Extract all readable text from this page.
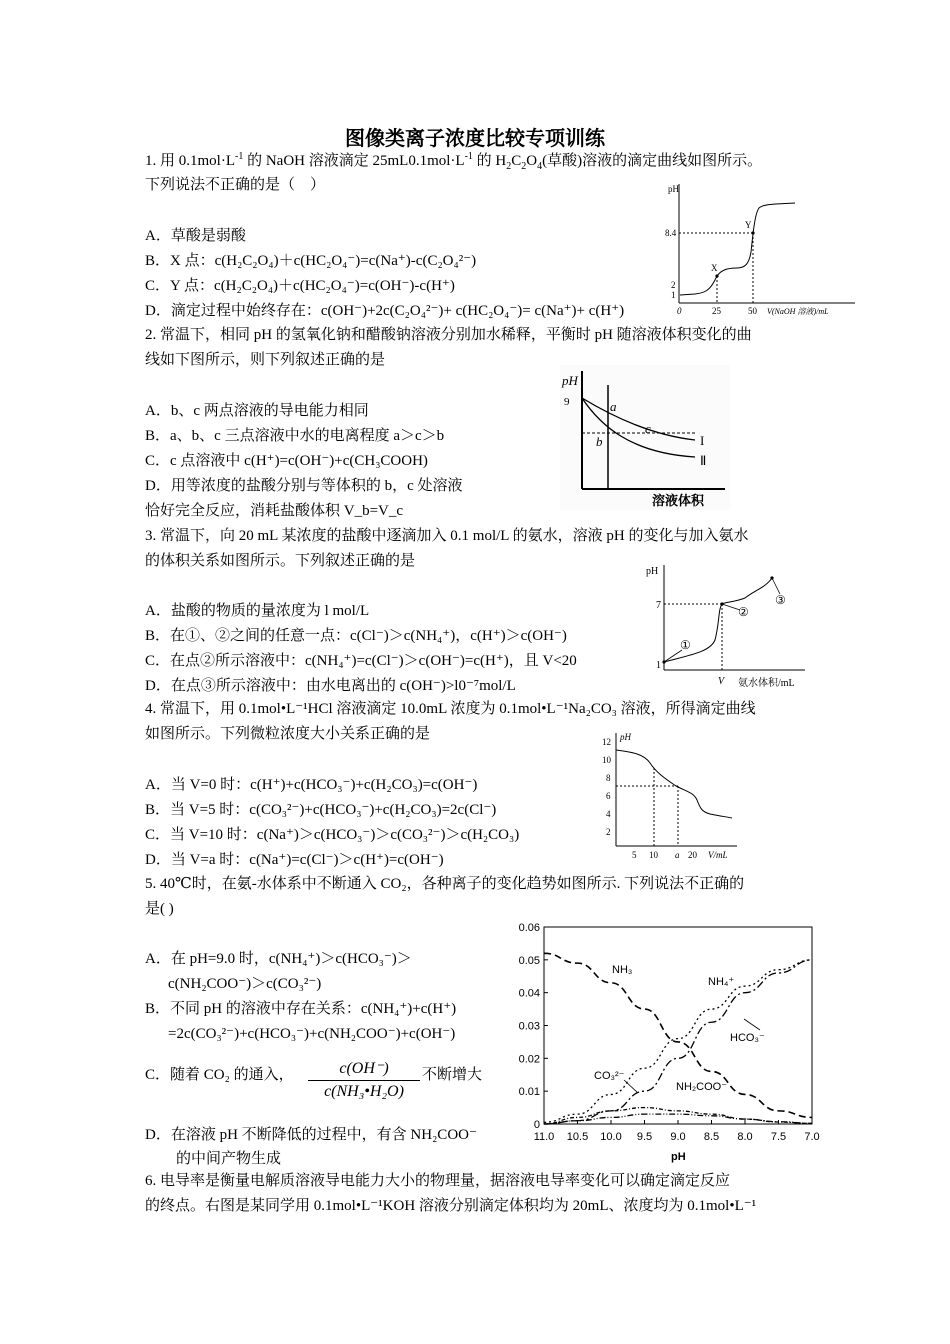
图像类离子浓度比较专项训练
1. 用 $0.1mol\cdot L^{-1}$ 的 NaOH 溶液滴定 $25mL0.1mol\cdot L^{-1}$ 的 $H_2C_2O_4$(草酸)溶液的滴定曲线如图所示。
下列说法不正确的是（　）
A．草酸是弱酸
B．X 点：c(H₂C₂O₄)＋c(HC₂O₄⁻)=c(Na⁺)-c(C₂O₄²⁻)
C．Y 点：c(H₂C₂O₄)＋c(HC₂O₄⁻)=c(OH⁻)-c(H⁺)
D．滴定过程中始终存在：c(OH⁻)+2c(C₂O₄²⁻)+ c(HC₂O₄⁻)= c(Na⁺)+ c(H⁺)
pH
8.4
2
1
0	25	50 V(NaOH 溶液)/mL
X
Y
2. 常温下，相同 pH 的氢氧化钠和醋酸钠溶液分别加水稀释，平衡时 pH 随溶液体积变化的曲
线如下图所示，则下列叙述正确的是
A．b、c 两点溶液的导电能力相同
B．a、b、c 三点溶液中水的电离程度 a＞c＞b
C．c 点溶液中 c(H⁺)=c(OH⁻)+c(CH₃COOH)
D．用等浓度的盐酸分别与等体积的 b，c 处溶液
恰好完全反应，消耗盐酸体积 V_b=V_c
pH
9	a
b
c
I
Ⅱ
溶液体积
3. 常温下，向 20 mL 某浓度的盐酸中逐滴加入 0.1 mol/L 的氨水，溶液 pH 的变化与加入氨水
的体积关系如图所示。下列叙述正确的是
A．盐酸的物质的量浓度为 l mol/L
B．在①、②之间的任意一点：c(Cl⁻)＞c(NH₄⁺)，c(H⁺)＞c(OH⁻)
C．在点②所示溶液中：c(NH₄⁺)=c(Cl⁻)＞c(OH⁻)=c(H⁺)，且 V<20
D．在点③所示溶液中：由水电离出的 c(OH⁻)>l0⁻⁷mol/L
pH
7
1
V 氨水体积/mL
①
②
③
4. 常温下，用 0.1mol•L⁻¹HCl 溶液滴定 10.0mL 浓度为 0.1mol•L⁻¹Na₂CO₃ 溶液，所得滴定曲线
如图所示。下列微粒浓度大小关系正确的是
A．当 V=0 时：c(H⁺)+c(HCO₃⁻)+c(H₂CO₃)=c(OH⁻)
B．当 V=5 时：c(CO₃²⁻)+c(HCO₃⁻)+c(H₂CO₃)=2c(Cl⁻)
C．当 V=10 时：c(Na⁺)＞c(HCO₃⁻)＞c(CO₃²⁻)＞c(H₂CO₃)
D．当 V=a 时：c(Na⁺)=c(Cl⁻)＞c(H⁺)=c(OH⁻)
pH
12
10
8
6
4
2
5 10 a 20 V/mL
5. 40℃时，在氨-水体系中不断通入 CO₂，各种离子的变化趋势如图所示. 下列说法不正确的
是( )
A．在 pH=9.0 时，c(NH₄⁺)＞c(HCO₃⁻)＞
c(NH₂COO⁻)＞c(CO₃²⁻)
B．不同 pH 的溶液中存在关系：c(NH₄⁺)+c(H⁺)
=2c(CO₃²⁻)+c(HCO₃⁻)+c(NH₂COO⁻)+c(OH⁻)
C．随着 CO₂ 的通入， $\frac{c(OH^-)}{\text{c(NH₃•H₂O)}}$ 不断增大
D．在溶液 pH 不断降低的过程中，有含 NH₂COO⁻
的中间产物生成
0
0.01
0.02
0.03
0.04
0.05
0.06
11.0 10.5 10.0 9.5 9.0 8.5 8.0 7.5 7.0
pH
NH₃
NH₄⁺
HCO₃⁻
CO₃²⁻
NH₂COO⁻
6. 电导率是衡量电解质溶液导电能力大小的物理量，据溶液电导率变化可以确定滴定反应
的终点。右图是某同学用 0.1mol•L⁻¹KOH 溶液分别滴定体积均为 20mL、浓度均为 0.1mol•L⁻¹
